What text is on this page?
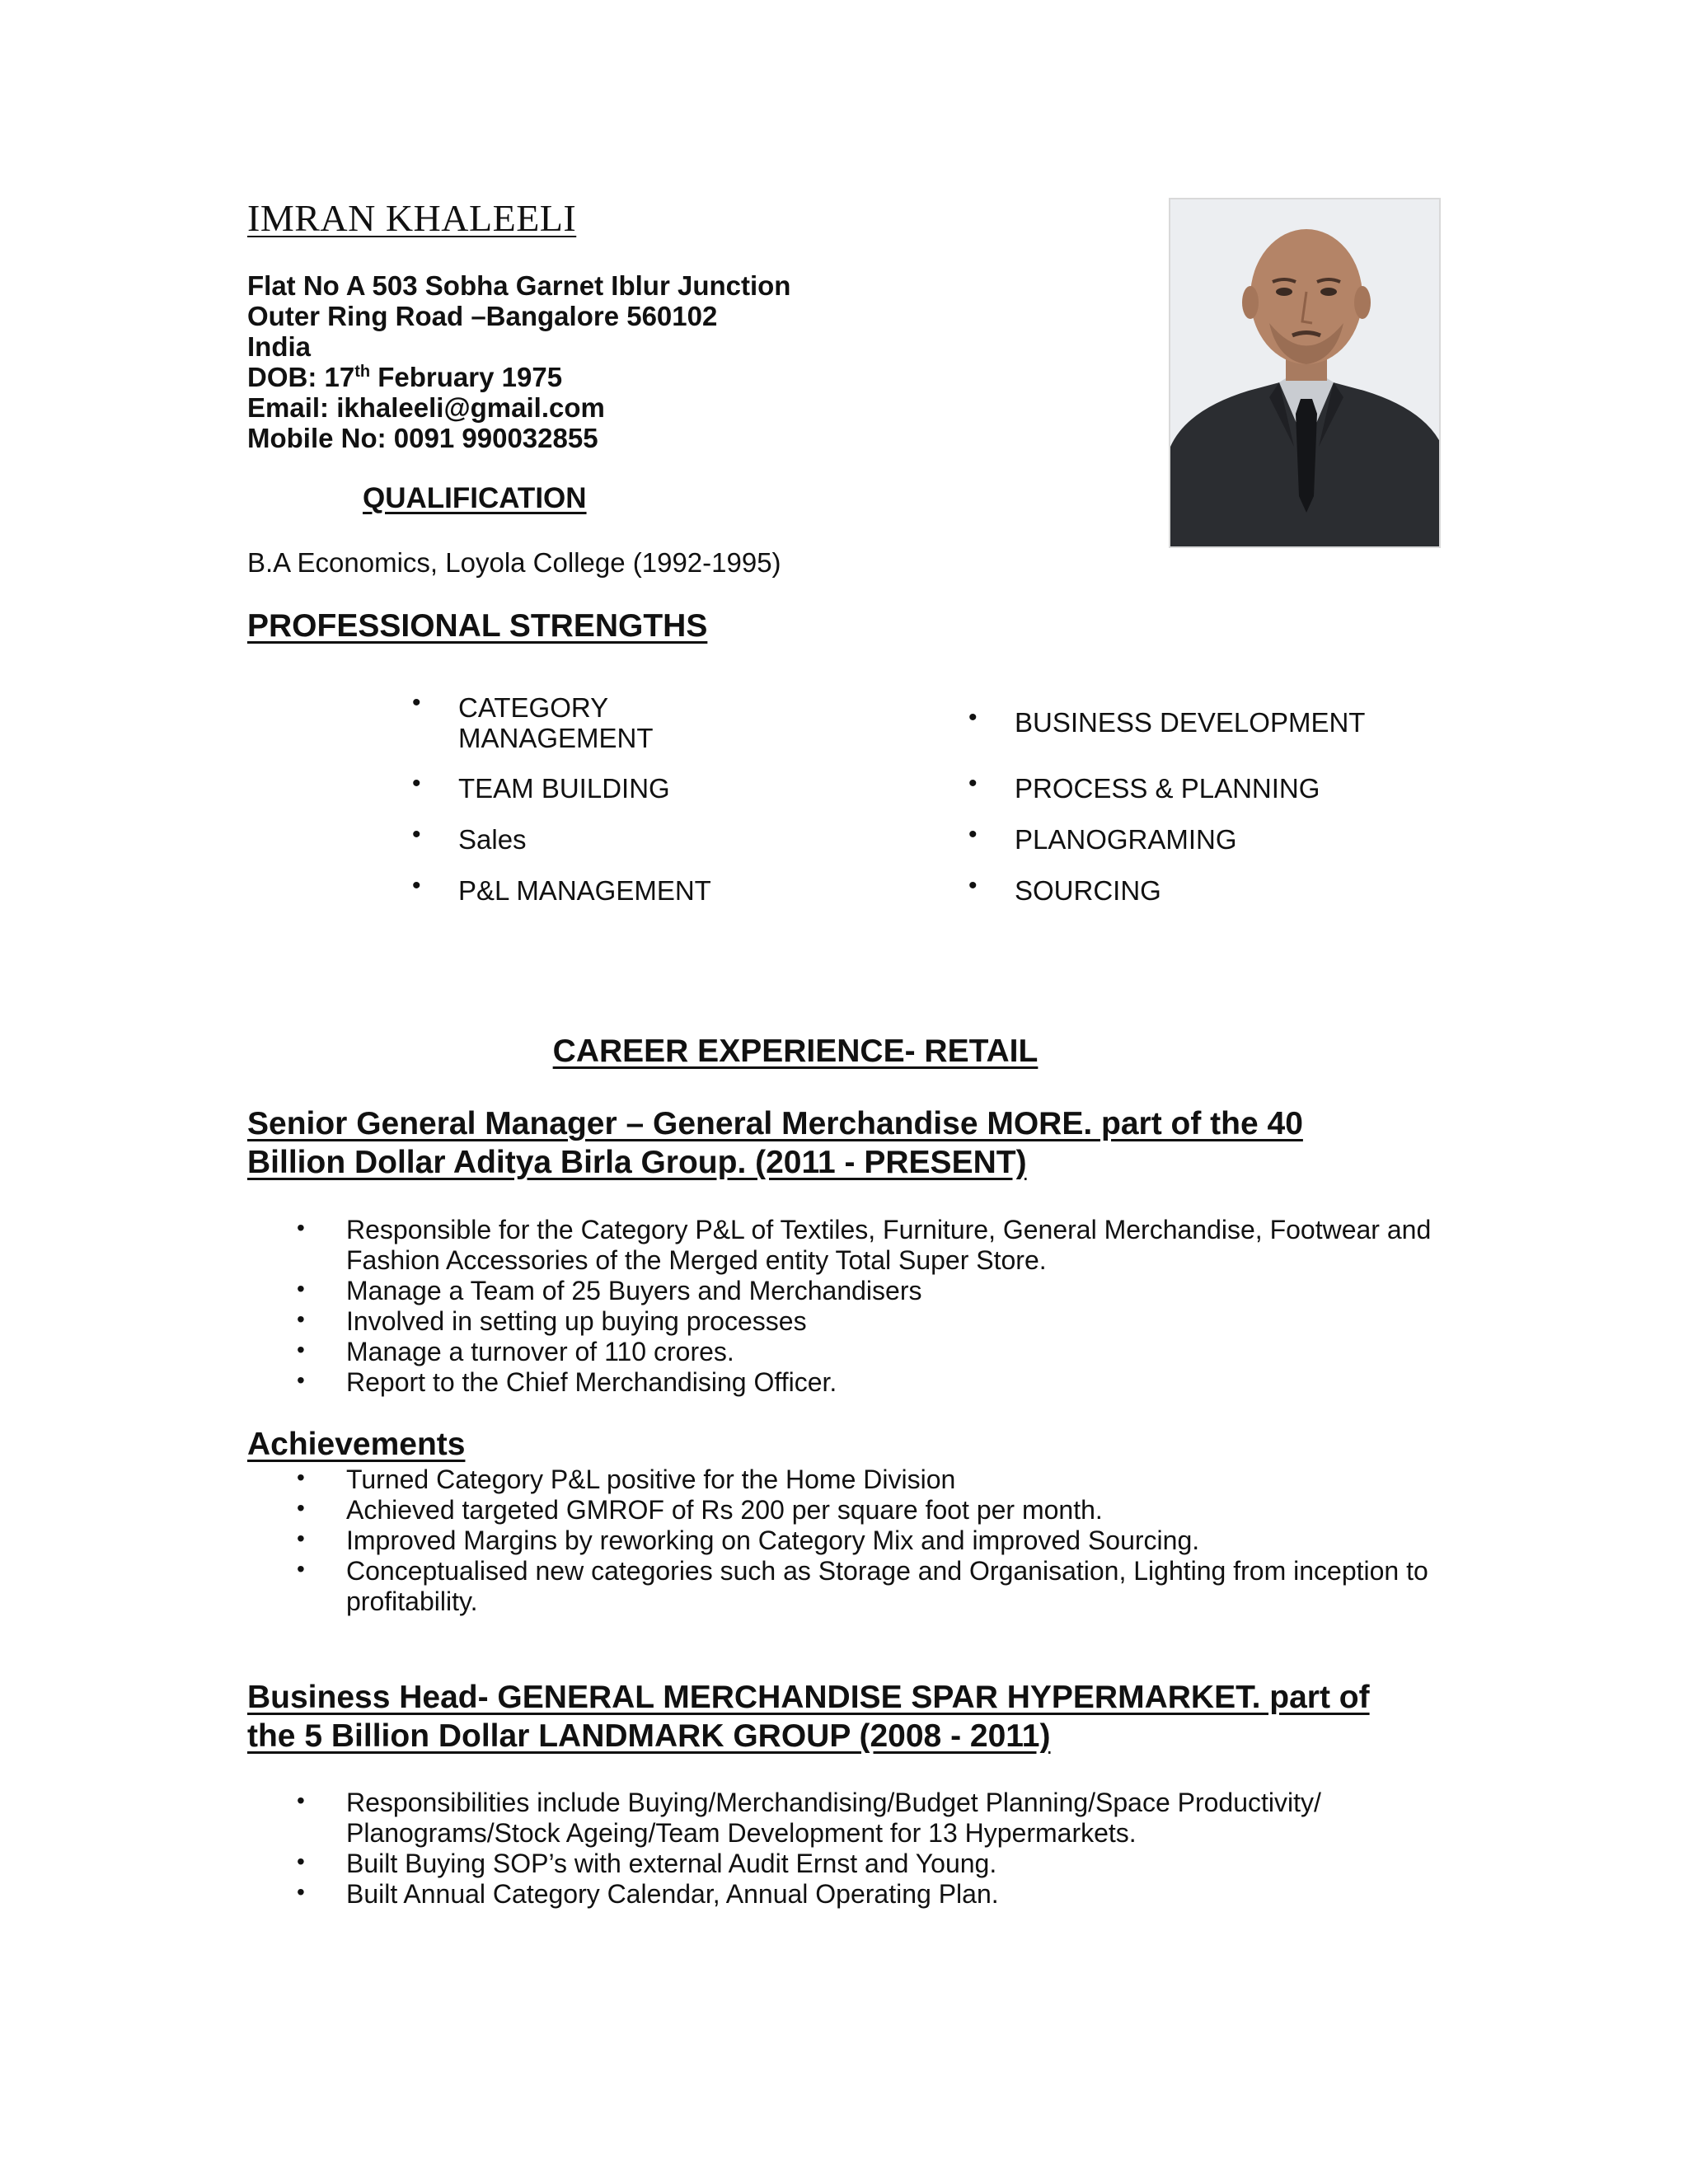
IMRAN KHALEELI
Flat No A 503 Sobha Garnet Iblur Junction
Outer Ring Road –Bangalore 560102
India
DOB: 17th February 1975
Email: ikhaleeli@gmail.com
Mobile No: 0091 990032855
QUALIFICATION
B.A Economics, Loyola College (1992-1995)
PROFESSIONAL STRENGTHS
• CATEGORY MANAGEMENT
• TEAM BUILDING
• Sales
• P&L MANAGEMENT
• BUSINESS DEVELOPMENT
• PROCESS & PLANNING
• PLANOGRAMING
• SOURCING
CAREER EXPERIENCE- RETAIL
Senior General Manager – General Merchandise MORE. part of the 40
Billion Dollar Aditya Birla Group. (2011 - PRESENT)
• Responsible for the Category P&L of Textiles, Furniture, General Merchandise, Footwear and Fashion Accessories of the Merged entity Total Super Store.
• Manage a Team of 25 Buyers and Merchandisers
• Involved in setting up buying processes
• Manage a turnover of 110 crores.
• Report to the Chief Merchandising Officer.
Achievements
• Turned Category P&L positive for the Home Division
• Achieved targeted GMROF of Rs 200 per square foot per month.
• Improved Margins by reworking on Category Mix and improved Sourcing.
• Conceptualised new categories such as Storage and Organisation, Lighting from inception to profitability.
Business Head- GENERAL MERCHANDISE SPAR HYPERMARKET. part of
the 5 Billion Dollar LANDMARK GROUP (2008 - 2011)
• Responsibilities include Buying/Merchandising/Budget Planning/Space Productivity/ Planograms/Stock Ageing/Team Development for 13 Hypermarkets.
• Built Buying SOP’s with external Audit Ernst and Young.
• Built Annual Category Calendar, Annual Operating Plan.
